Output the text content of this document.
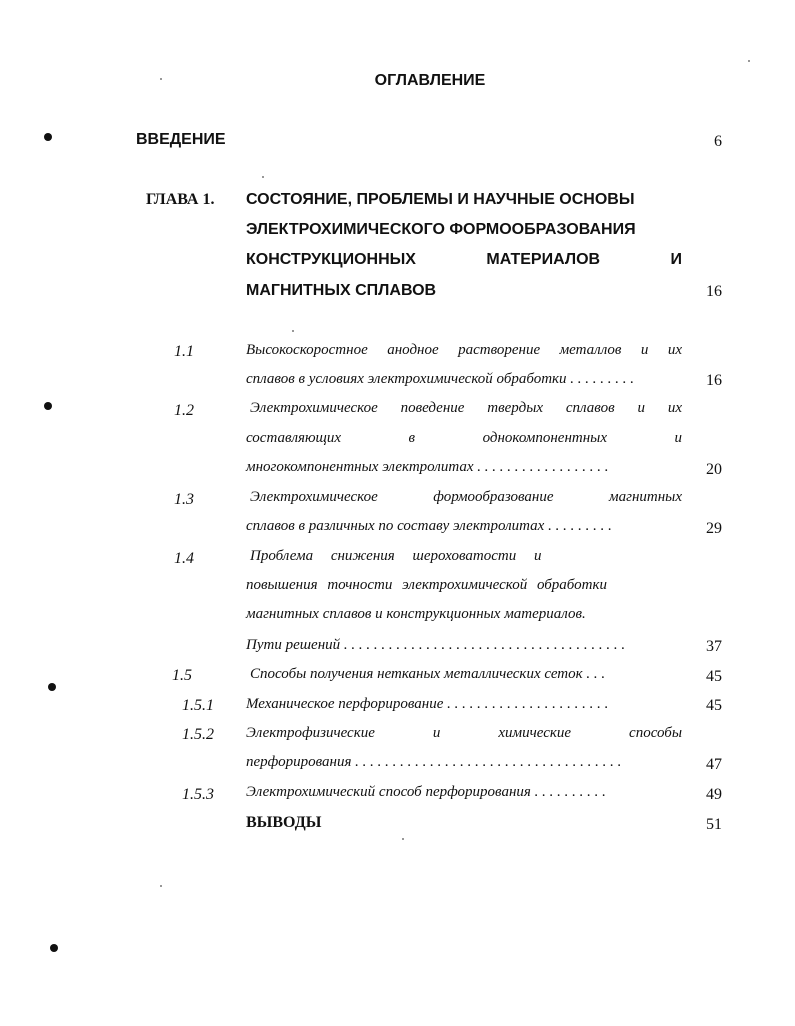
ОГЛАВЛЕНИЕ
ВВЕДЕНИЕ	6
ГЛАВА 1. СОСТОЯНИЕ, ПРОБЛЕМЫ И НАУЧНЫЕ ОСНОВЫ
ЭЛЕКТРОХИМИЧЕСКОГО ФОРМООБРАЗОВАНИЯ
КОНСТРУКЦИОННЫХ МАТЕРИАЛОВ И
МАГНИТНЫХ СПЛАВОВ	16
1.1	Высокоскоростное анодное растворение металлов и их
сплавов в условиях электрохимической обработки . . . . . . . . .	16
1.2	Электрохимическое поведение твердых сплавов и их
составляющих в однокомпонентных и
многокомпонентных электролитах . . . . . . . . . . . . . . . . . .	20
1.3	Электрохимическое формообразование магнитных
сплавов в различных по составу электролитах . . . . . . . . .	29
1.4	Проблема снижения шероховатости и
повышения точности электрохимической обработки
магнитных сплавов и конструкционных материалов.
Пути решений . . . . . . . . . . . . . . . . . . . . . . . . . . . . . . . . . . . . . .	37
1.5	Способы получения нетканых металлических сеток . . .	45
1.5.1 Механическое перфорирование . . . . . . . . . . . . . . . . . . . . . .	45
1.5.2 Электрофизические и химические способы
перфорирования . . . . . . . . . . . . . . . . . . . . . . . . . . . . . . . . . . . .	47
1.5.3 Электрохимический способ перфорирования . . . . . . . . . .	49
ВЫВОДЫ	51
